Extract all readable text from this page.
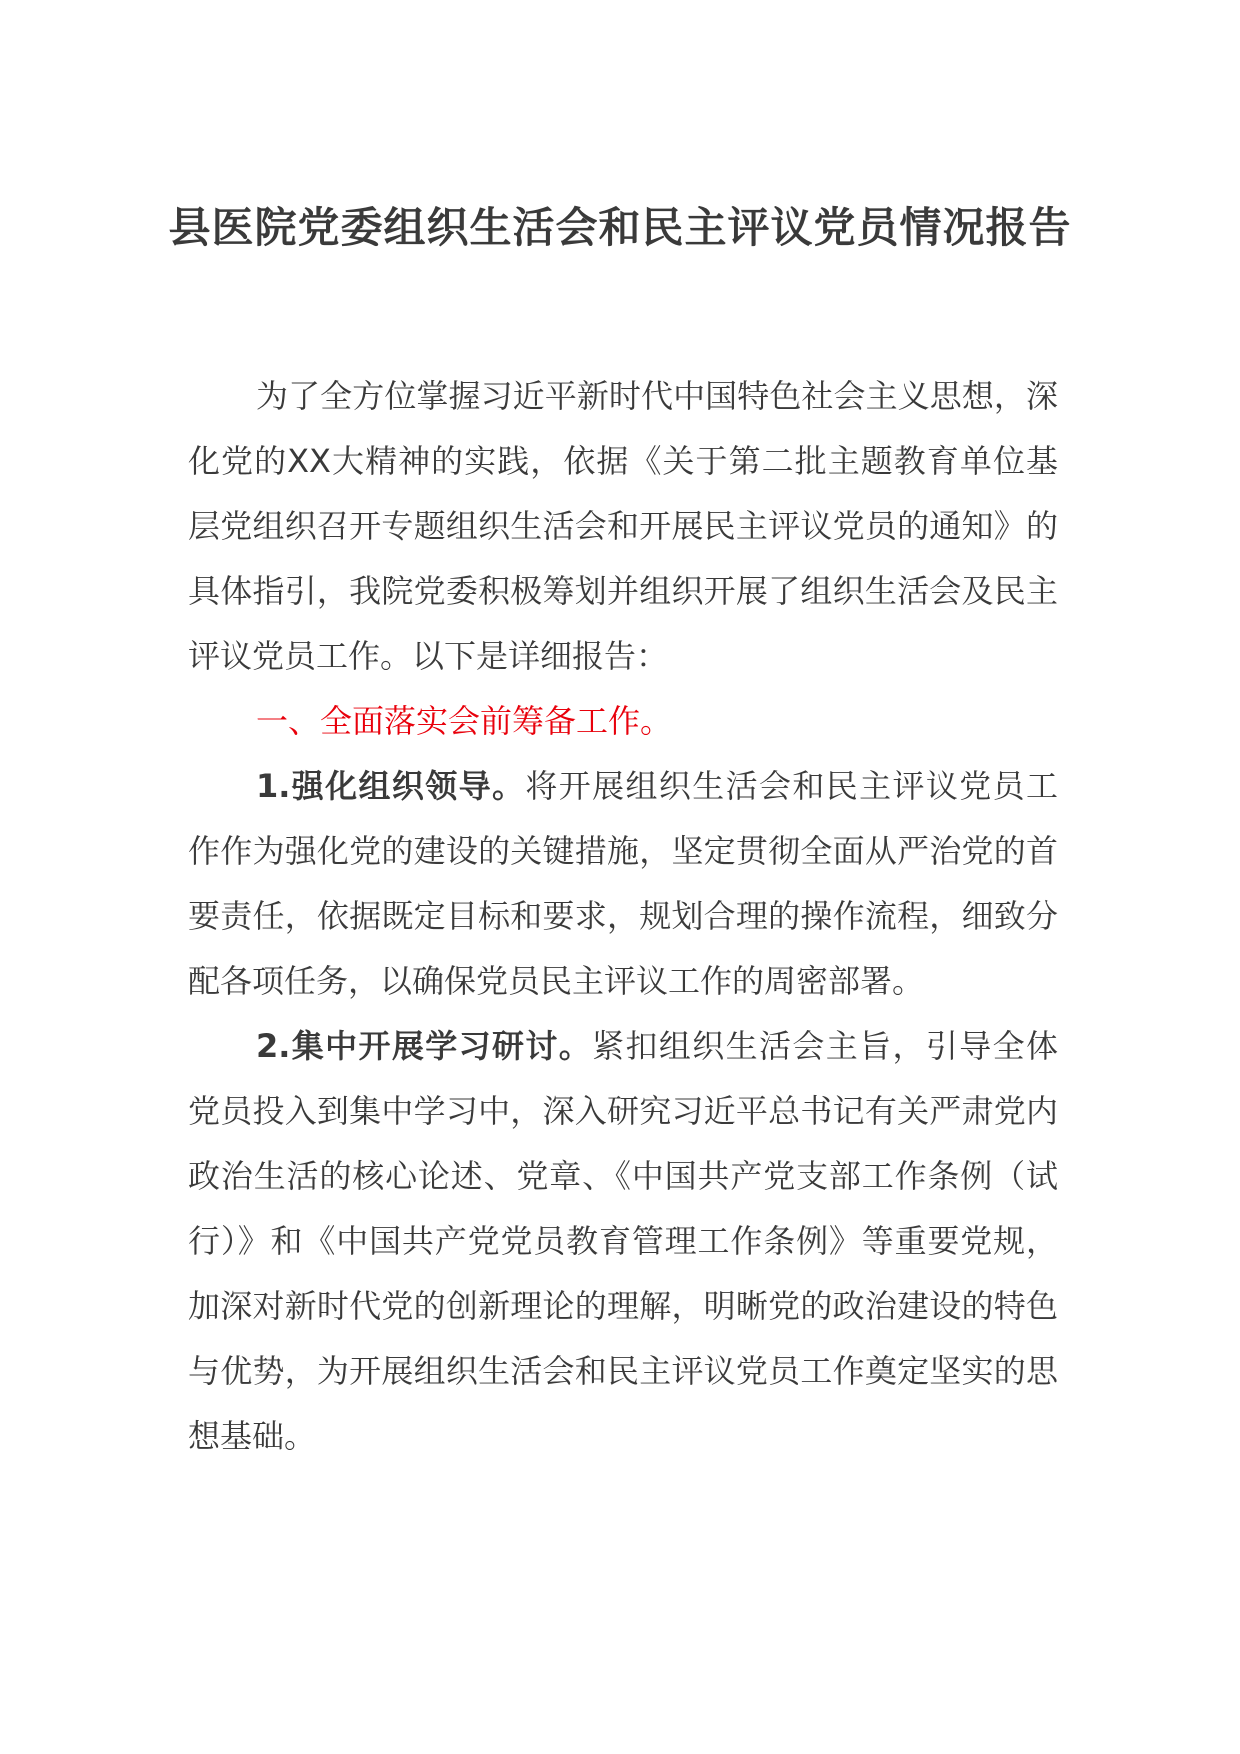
县医院党委组织生活会和民主评议党员情况报告

为了全方位掌握习近平新时代中国特色社会主义思想，深化党的XX大精神的实践，依据《关于第二批主题教育单位基层党组织召开专题组织生活会和开展民主评议党员的通知》的具体指引，我院党委积极筹划并组织开展了组织生活会及民主评议党员工作。以下是详细报告：

一、全面落实会前筹备工作。

1.强化组织领导。将开展组织生活会和民主评议党员工作作为强化党的建设的关键措施，坚定贯彻全面从严治党的首要责任，依据既定目标和要求，规划合理的操作流程，细致分配各项任务，以确保党员民主评议工作的周密部署。

2.集中开展学习研讨。紧扣组织生活会主旨，引导全体党员投入到集中学习中，深入研究习近平总书记有关严肃党内政治生活的核心论述、党章、《中国共产党支部工作条例（试行）》和《中国共产党党员教育管理工作条例》等重要党规，加深对新时代党的创新理论的理解，明晰党的政治建设的特色与优势，为开展组织生活会和民主评议党员工作奠定坚实的思想基础。
